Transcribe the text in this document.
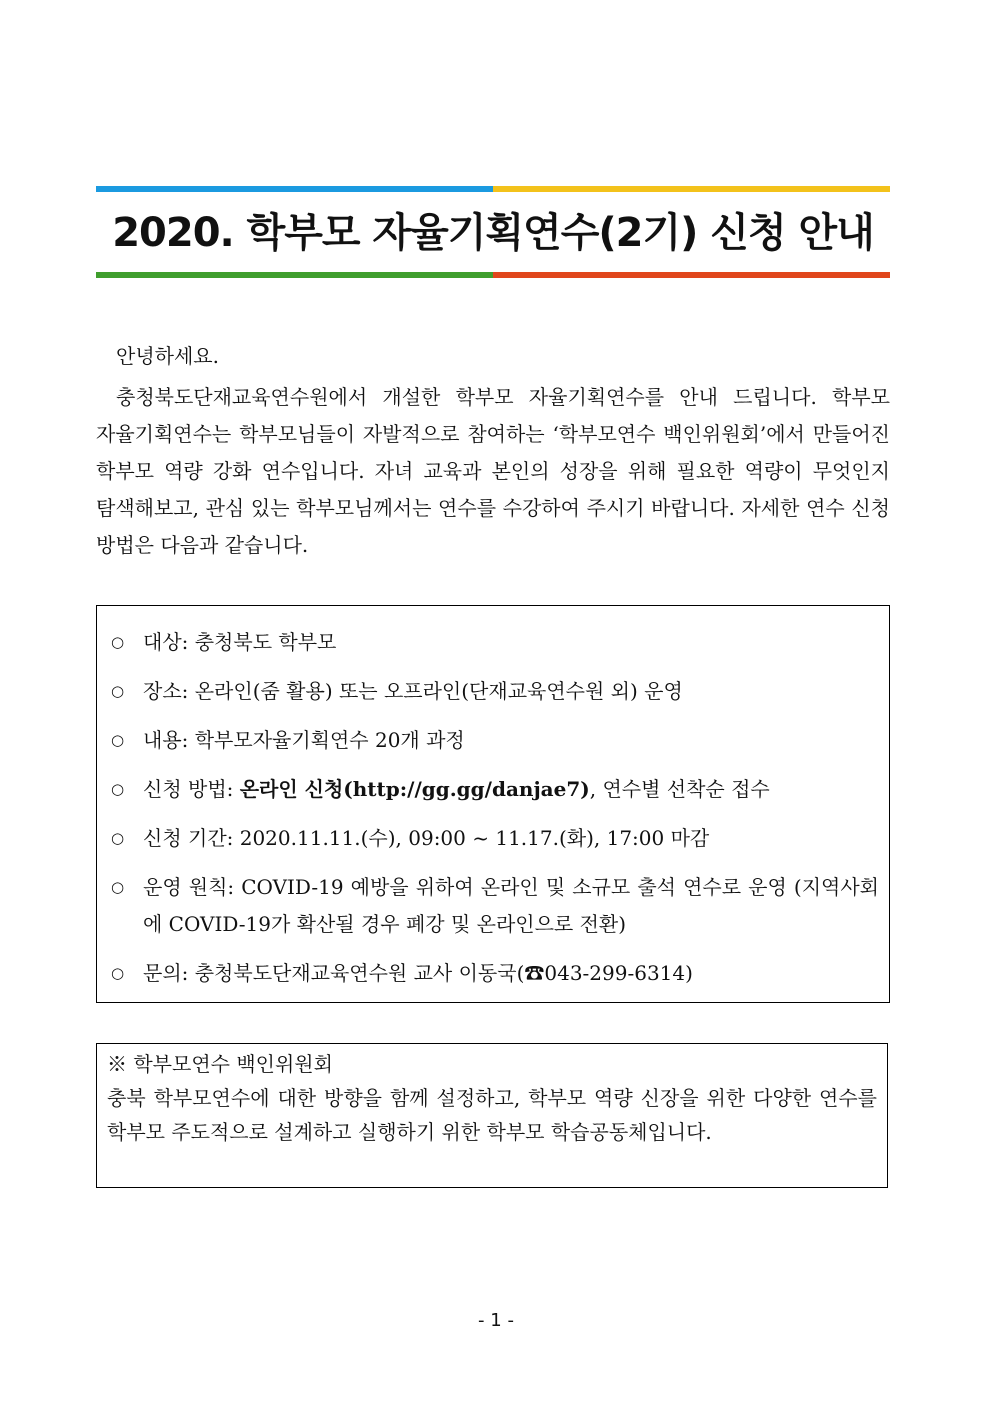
2020. 학부모 자율기획연수(2기) 신청 안내
안녕하세요.
충청북도단재교육연수원에서 개설한 학부모 자율기획연수를 안내 드립니다. 학부모 자율기획연수는 학부모님들이 자발적으로 참여하는 ‘학부모연수 백인위원회’에서 만들어진 학부모 역량 강화 연수입니다. 자녀 교육과 본인의 성장을 위해 필요한 역량이 무엇인지 탐색해보고, 관심 있는 학부모님께서는 연수를 수강하여 주시기 바랍니다. 자세한 연수 신청 방법은 다음과 같습니다.
○ 대상: 충청북도 학부모
○ 장소: 온라인(줌 활용) 또는 오프라인(단재교육연수원 외) 운영
○ 내용: 학부모자율기획연수 20개 과정
○ 신청 방법: 온라인 신청(http://gg.gg/danjae7), 연수별 선착순 접수
○ 신청 기간: 2020.11.11.(수), 09:00 ~ 11.17.(화), 17:00 마감
○ 운영 원칙: COVID-19 예방을 위하여 온라인 및 소규모 출석 연수로 운영 (지역사회에 COVID-19가 확산될 경우 폐강 및 온라인으로 전환)
○ 문의: 충청북도단재교육연수원 교사 이동국(☎043-299-6314)
※ 학부모연수 백인위원회
충북 학부모연수에 대한 방향을 함께 설정하고, 학부모 역량 신장을 위한 다양한 연수를 학부모 주도적으로 설계하고 실행하기 위한 학부모 학습공동체입니다.
- 1 -
